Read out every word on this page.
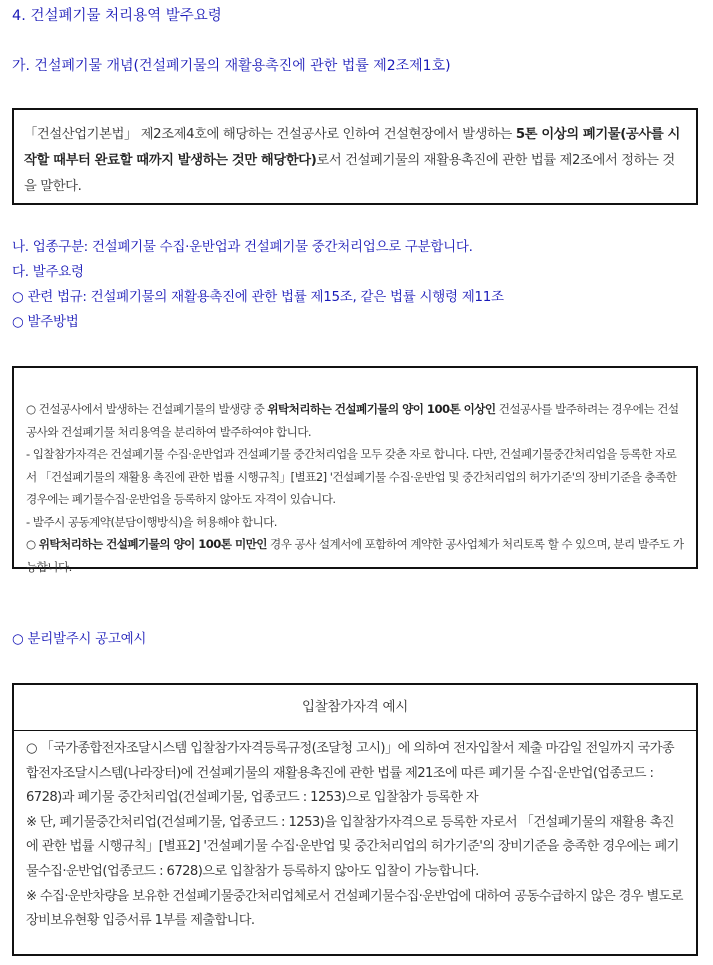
4. 건설폐기물 처리용역 발주요령
가. 건설폐기물 개념(건설폐기물의 재활용촉진에 관한 법률 제2조제1호)

「건설산업기본법」 제2조제4호에 해당하는 건설공사로 인하여 건설현장에서 발생하는 5톤 이상의 폐기물(공사를 시작할 때부터 완료할 때까지 발생하는 것만 해당한다)로서 건설폐기물의 재활용촉진에 관한 법률 제2조에서 정하는 것을 말한다.

나. 업종구분: 건설폐기물 수집·운반업과 건설폐기물 중간처리업으로 구분합니다.
다. 발주요령
○ 관련 법규: 건설폐기물의 재활용촉진에 관한 법률 제15조, 같은 법률 시행령 제11조
○ 발주방법

○ 건설공사에서 발생하는 건설폐기물의 발생량 중 위탁처리하는 건설폐기물의 양이 100톤 이상인 건설공사를 발주하려는 경우에는 건설공사와 건설폐기물 처리용역을 분리하여 발주하여야 합니다.

- 입찰참가자격은 건설폐기물 수집·운반업과 건설폐기물 중간처리업을 모두 갖춘 자로 합니다. 다만, 건설폐기물중간처리업을 등록한 자로서 「건설폐기물의 재활용 촉진에 관한 법률 시행규칙」[별표2] '건설폐기물 수집·운반업 및 중간처리업의 허가기준'의 장비기준을 충족한 경우에는 폐기물수집·운반업을 등록하지 않아도 자격이 있습니다.

- 발주시 공동계약(분담이행방식)을 허용해야 합니다.

○ 위탁처리하는 건설폐기물의 양이 100톤 미만인 경우 공사 설계서에 포함하여 계약한 공사업체가 처리토록 할 수 있으며, 분리 발주도 가능합니다.

○ 분리발주시 공고예시
입찰참가자격 예시

○ 「국가종합전자조달시스템 입찰참가자격등록규정(조달청 고시)」에 의하여 전자입찰서 제출 마감일 전일까지 국가종합전자조달시스템(나라장터)에 건설폐기물의 재활용촉진에 관한 법률 제21조에 따른 폐기물 수집·운반업(업종코드 : 6728)과 폐기물 중간처리업(건설폐기물, 업종코드 : 1253)으로 입찰참가 등록한 자

※ 단, 폐기물중간처리업(건설폐기물, 업종코드 : 1253)을 입찰참가자격으로 등록한 자로서 「건설폐기물의 재활용 촉진에 관한 법률 시행규칙」[별표2] '건설폐기물 수집·운반업 및 중간처리업의 허가기준'의 장비기준을 충족한 경우에는 폐기물수집·운반업(업종코드 : 6728)으로 입찰참가 등록하지 않아도 입찰이 가능합니다.

※ 수집·운반차량을 보유한 건설폐기물중간처리업체로서 건설폐기물수집·운반업에 대하여 공동수급하지 않은 경우 별도로 장비보유현황 입증서류 1부를 제출합니다.
